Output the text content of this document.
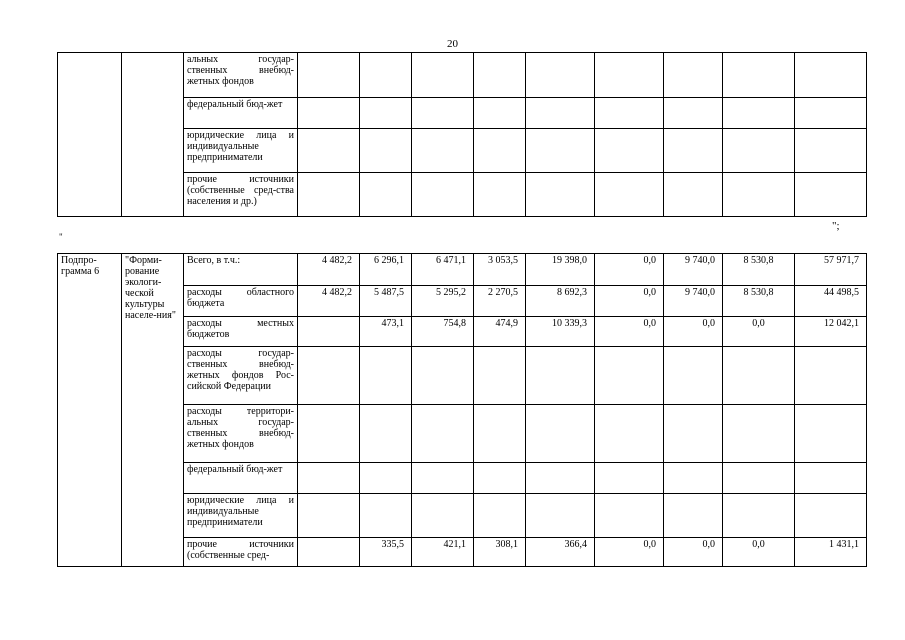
20
		альных государ-ственных внебюд-жетных фондов									
		федеральный бюд-жет									
		юридические лица и индивидуальные предприниматели									
		прочие источники (собственные сред-ства населения и др.)									
";
"
Подпро-грамма 6	"Форми-рование экологи-ческой культуры населе-ния"	Всего, в т.ч.:	4 482,2	6 296,1	6 471,1	3 053,5	19 398,0	0,0	9 740,0	8 530,8	57 971,7
		расходы областного бюджета	4 482,2	5 487,5	5 295,2	2 270,5	8 692,3	0,0	9 740,0	8 530,8	44 498,5
		расходы местных бюджетов		473,1	754,8	474,9	10 339,3	0,0	0,0	0,0	12 042,1
		расходы государ-ственных внебюд-жетных фондов Рос-сийской Федерации									
		расходы территори-альных государ-ственных внебюд-жетных фондов									
		федеральный бюд-жет									
		юридические лица и индивидуальные предприниматели									
		прочие источники (собственные сред-		335,5	421,1	308,1	366,4	0,0	0,0	0,0	1 431,1
